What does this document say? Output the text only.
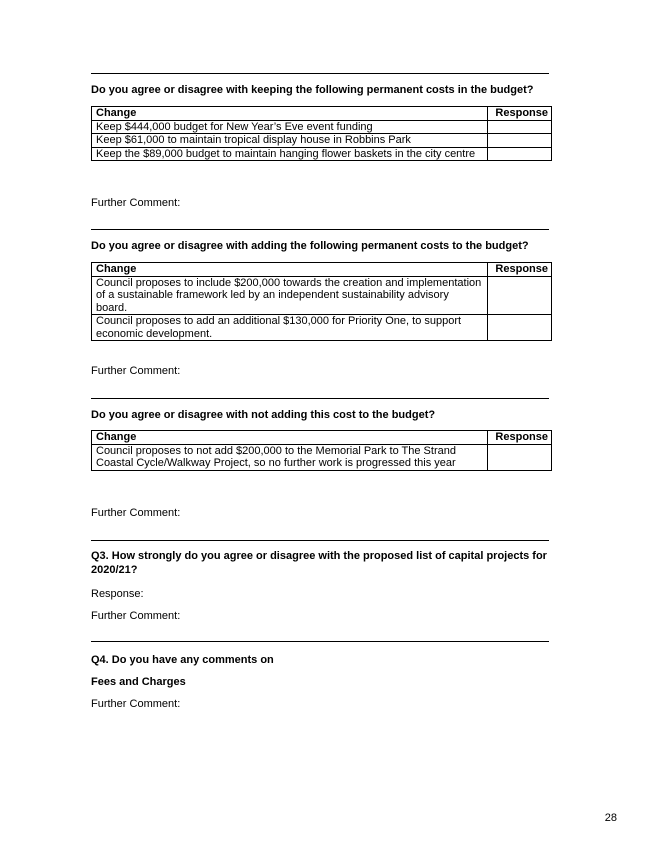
Do you agree or disagree with keeping the following permanent costs in the budget?
Change	Response
Keep $444,000 budget for New Year’s Eve event funding	
Keep $61,000 to maintain tropical display house in Robbins Park	
Keep the $89,000 budget to maintain hanging flower baskets in the city centre	
Further Comment:
Do you agree or disagree with adding the following permanent costs to the budget?
Change	Response
Council proposes to include $200,000 towards the creation and implementation of a sustainable framework led by an independent sustainability advisory board.	
Council proposes to add an additional $130,000 for Priority One, to support economic development.	
Further Comment:
Do you agree or disagree with not adding this cost to the budget?
Change	Response
Council proposes to not add $200,000 to the Memorial Park to The Strand Coastal Cycle/Walkway Project, so no further work is progressed this year	
Further Comment:
Q3. How strongly do you agree or disagree with the proposed list of capital projects for 2020/21?
Response:
Further Comment:
Q4. Do you have any comments on
Fees and Charges
Further Comment:
28
